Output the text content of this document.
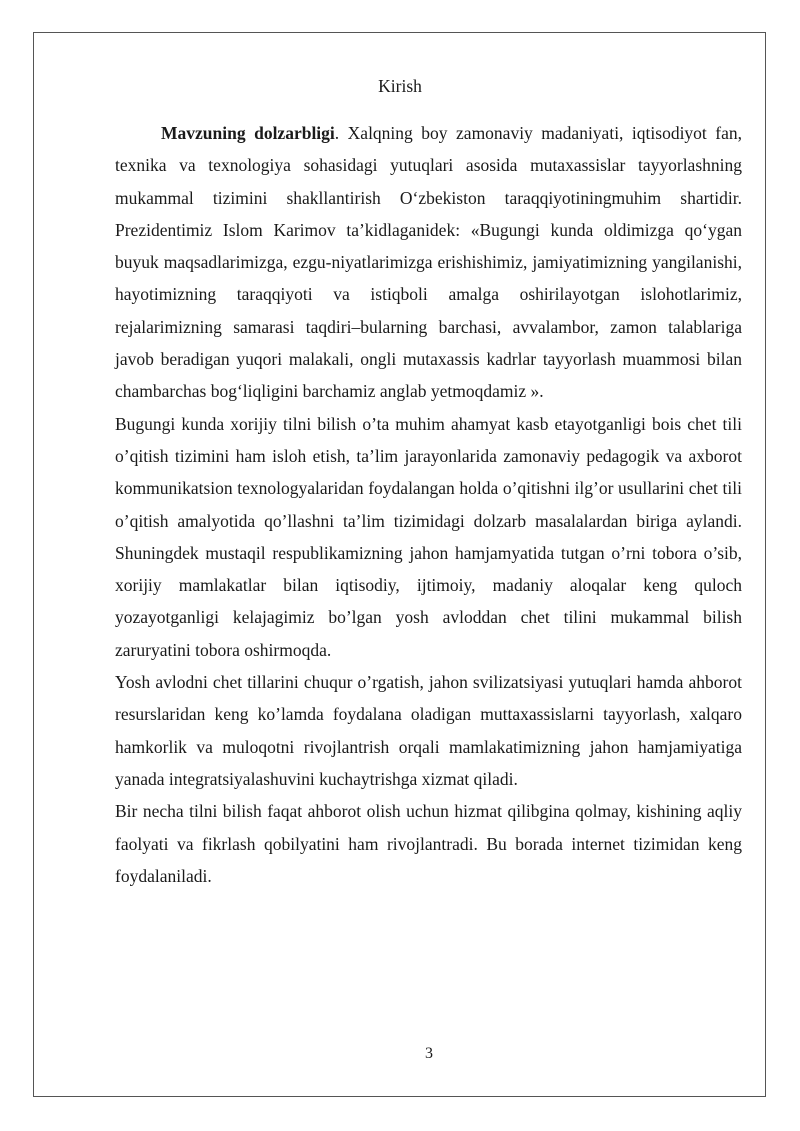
Kirish

Mavzuning dolzarbligi. Xalqning boy zamonaviy madaniyati, iqtisodiyot fan, texnika va texnologiya sohasidagi yutuqlari asosida mutaxassislar tayyorlashning mukammal tizimini shakllantirish O‘zbekiston taraqqiyotiningmuhim shartidir. Prezidentimiz Islom Karimov ta’kidlaganidek: «Bugungi kunda oldimizga qo‘ygan buyuk maqsadlarimizga, ezgu-niyatlarimizga erishishimiz, jamiyatimizning yangilanishi, hayotimizning taraqqiyoti va istiqboli amalga oshirilayotgan islohotlarimiz, rejalarimizning samarasi taqdiri–bularning barchasi, avvalambor, zamon talablariga javob beradigan yuqori malakali, ongli mutaxassis kadrlar tayyorlash muammosi bilan chambarchas bog‘liqligini barchamiz anglab yetmoqdamiz ».

Bugungi kunda xorijiy tilni bilish o’ta muhim ahamyat kasb etayotganligi bois chet tili o’qitish tizimini ham isloh etish, ta’lim jarayonlarida zamonaviy pedagogik va axborot kommunikatsion texnologyalaridan foydalangan holda o’qitishni ilg’or usullarini chet tili o’qitish amalyotida qo’llashni ta’lim tizimidagi dolzarb masalalardan biriga aylandi. Shuningdek mustaqil respublikamizning jahon hamjamyatida tutgan o’rni tobora o’sib, xorijiy mamlakatlar bilan iqtisodiy, ijtimoiy, madaniy aloqalar keng quloch yozayotganligi kelajagimiz bo’lgan yosh avloddan chet tilini mukammal bilish zaruryatini tobora oshirmoqda.

Yosh avlodni chet tillarini chuqur o’rgatish, jahon svilizatsiyasi yutuqlari hamda ahborot resurslaridan keng ko’lamda foydalana oladigan muttaxassislarni tayyorlash, xalqaro hamkorlik va muloqotni rivojlantrish orqali mamlakatimizning jahon hamjamiyatiga yanada integratsiyalashuvini kuchaytrishga xizmat qiladi.

Bir necha tilni bilish faqat ahborot olish uchun hizmat qilibgina qolmay, kishining aqliy faolyati va fikrlash qobilyatini ham rivojlantradi. Bu borada internet tizimidan keng foydalaniladi.

3
